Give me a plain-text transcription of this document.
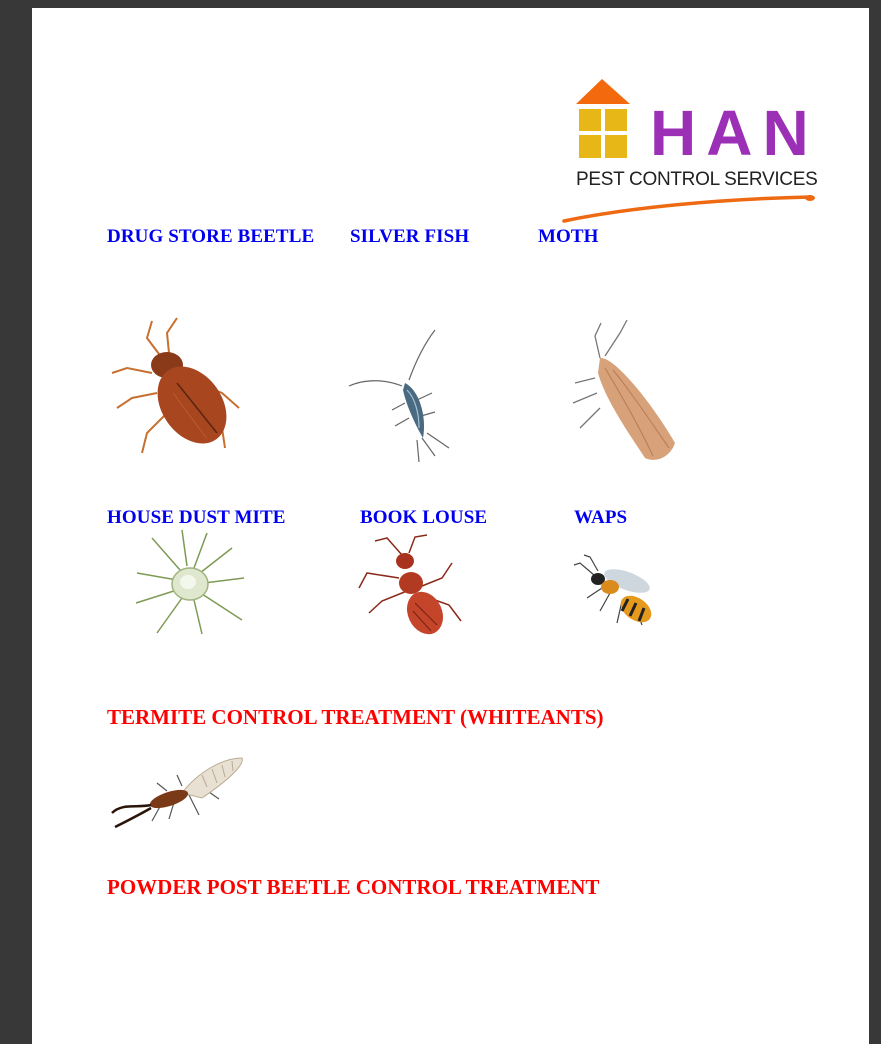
HAN
PEST CONTROL SERVICES
DRUG STORE BEETLE SILVER FISH	MOTH
HOUSE DUST MITE	BOOK LOUSE	WAPS
TERMITE CONTROL TREATMENT (WHITEANTS)
POWDER POST BEETLE CONTROL TREATMENT
